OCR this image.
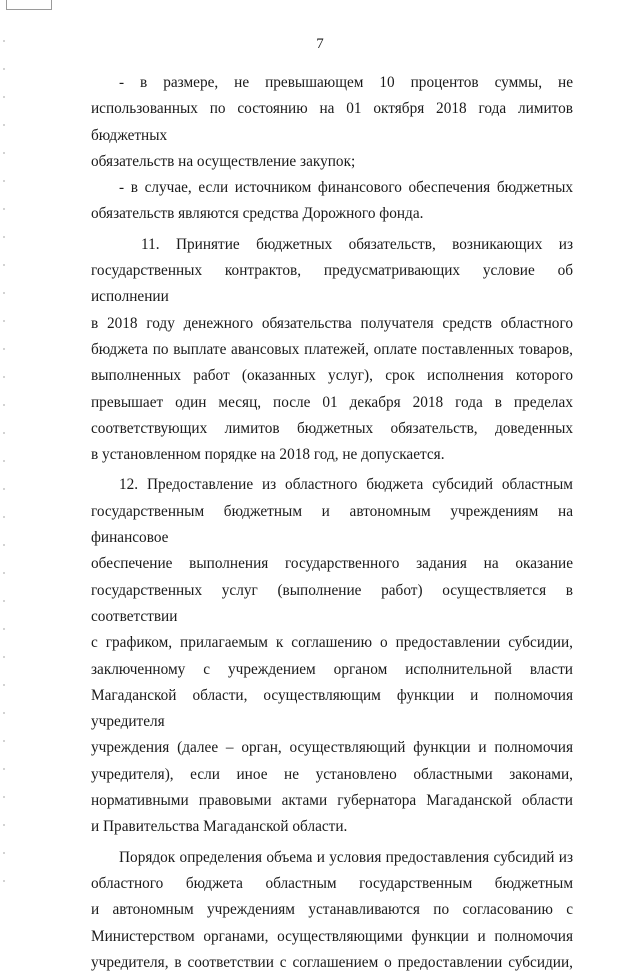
7

- в размере, не превышающем 10 процентов суммы, не
использованных по состоянию на 01 октября 2018 года лимитов бюджетных
обязательств на осуществление закупок;

- в случае, если источником финансового обеспечения бюджетных
обязательств являются средства Дорожного фонда.

11. Принятие бюджетных обязательств, возникающих из
государственных контрактов, предусматривающих условие об исполнении
в 2018 году денежного обязательства получателя средств областного
бюджета по выплате авансовых платежей, оплате поставленных товаров,
выполненных работ (оказанных услуг), срок исполнения которого
превышает один месяц, после 01 декабря 2018 года в пределах
соответствующих лимитов бюджетных обязательств, доведенных
в установленном порядке на 2018 год, не допускается.

12. Предоставление из областного бюджета субсидий областным
государственным бюджетным и автономным учреждениям на финансовое
обеспечение выполнения государственного задания на оказание
государственных услуг (выполнение работ) осуществляется в соответствии
с графиком, прилагаемым к соглашению о предоставлении субсидии,
заключенному с учреждением органом исполнительной власти
Магаданской области, осуществляющим функции и полномочия учредителя
учреждения (далее – орган, осуществляющий функции и полномочия
учредителя), если иное не установлено областными законами,
нормативными правовыми актами губернатора Магаданской области
и Правительства Магаданской области.

Порядок определения объема и условия предоставления субсидий из
областного бюджета областным государственным бюджетным
и автономным учреждениям устанавливаются по согласованию с
Министерством органами, осуществляющими функции и полномочия
учредителя, в соответствии с соглашением о предоставлении субсидии,
